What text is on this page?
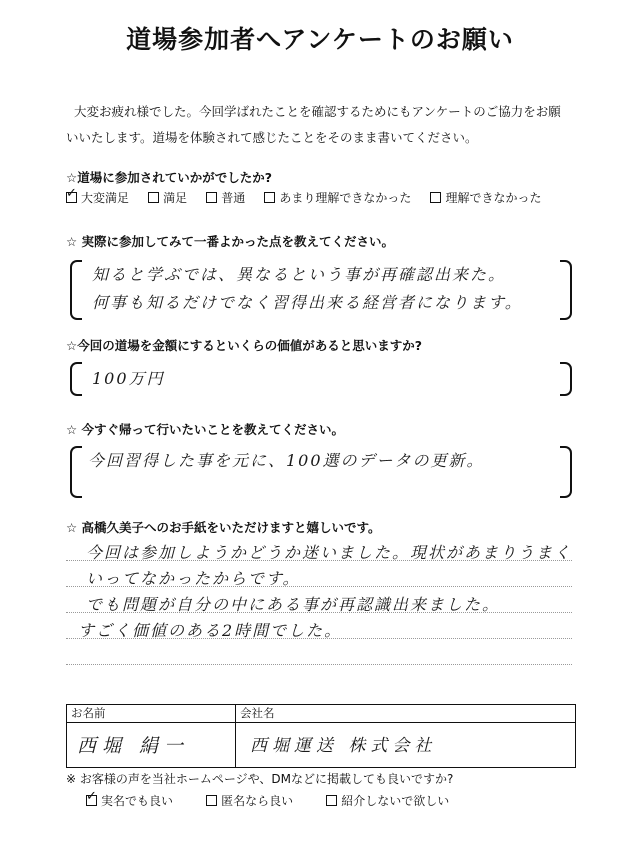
道場参加者へアンケートのお願い
大変お疲れ様でした。今回学ばれたことを確認するためにもアンケートのご協力をお願
いいたします。道場を体験されて感じたことをそのまま書いてください。
☆道場に参加されていかがでしたか?
✓
大変満足
	満足
	普通
	あまり理解できなかった
	理解できなかった
☆ 実際に参加してみて一番よかった点を教えてください。
知ると学ぶでは、異なるという事が再確認出来た。
何事も知るだけでなく習得出来る経営者になります。
☆今回の道場を金額にするといくらの価値があると思いますか?
100万円
☆ 今すぐ帰って行いたいことを教えてください。
今回習得した事を元に、100選のデータの更新。
☆ 高橋久美子へのお手紙をいただけますと嬉しいです。
今回は参加しようかどうか迷いました。現状があまりうまく
いってなかったからです。
でも問題が自分の中にある事が再認識出来ました。
すごく価値のある2時間でした。
お名前
西堀 絹一
会社名
西堀運送 株式会社
※ お客様の声を当社ホームページや、DMなどに掲載しても良いですか?
✓
実名でも良い
	匿名なら良い
	紹介しないで欲しい
